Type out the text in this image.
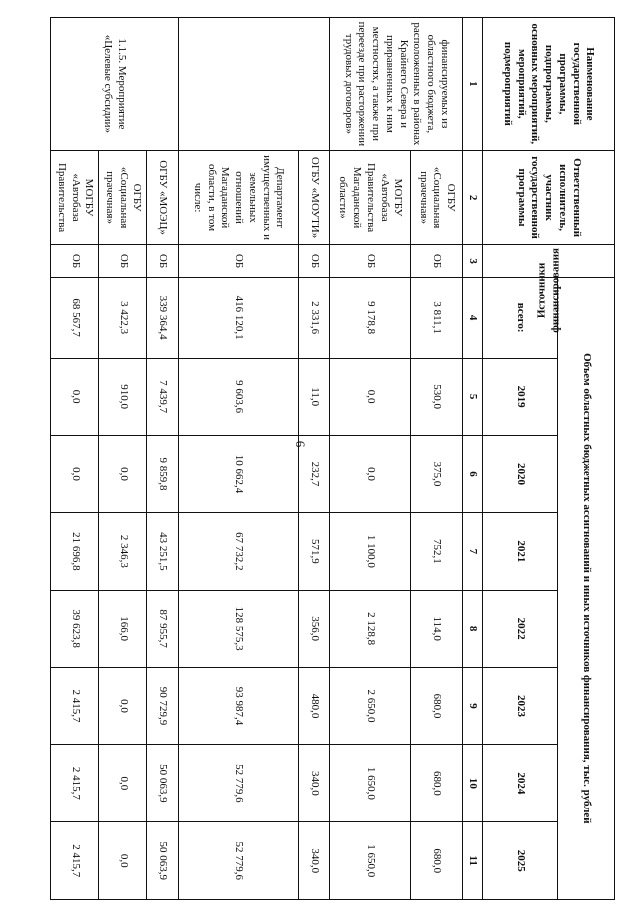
6
Наименование государственной программы, подпрограммы, основных мероприятий, мероприятий, подмероприятий	Ответственный исполнитель, участник государственной программы	Источники финансирования	Объем областных бюджетных ассигнований и иных источников финансирования, тыс. рублей							
			всего:	2019	2020	2021	2022	2023	2024	2025
1	2	3	4	5	6	7	8	9	10	11
финансируемых из областного бюджета, расположенных в районах Крайнего Севера и приравненных к ним местностях, а также при переезде при расторжении трудовых договоров»	ОГБУ «Социальная прачечная»	ОБ	3 811,1	530,0	375,0	752,1	114,0	680,0	680,0	680,0
	МОГБУ «Автобаза Правительства Магаданской области»	ОБ	9 178,8	0,0	0,0	1 100,0	2 128,8	2 650,0	1 650,0	1 650,0
	ОГБУ «МОУТИ»	ОБ	2 331,6	11,0	232,7	571,9	356,0	480,0	340,0	340,0
	Департамент имущественных и земельных отношений Магаданской области, в том числе:	ОБ	416 120,1	9 603,6	10 662,4	67 732,2	128 575,3	93 987,4	52 779,6	52 779,6
1.1.5. Мероприятие «Целевые субсидии»	ОГБУ «МОЭЦ»	ОБ	339 364,4	7 439,7	9 859,8	43 251,5	87 955,7	90 729,9	50 063,9	50 063,9
	ОГБУ «Социальная прачечная»	ОБ	3 422,3	910,0	0,0	2 346,3	166,0	0,0	0,0	0,0
	МОГБУ «Автобаза Правительства	ОБ	68 567,7	0,0	0,0	21 696,8	39 623,8	2 415,7	2 415,7	2 415,7
